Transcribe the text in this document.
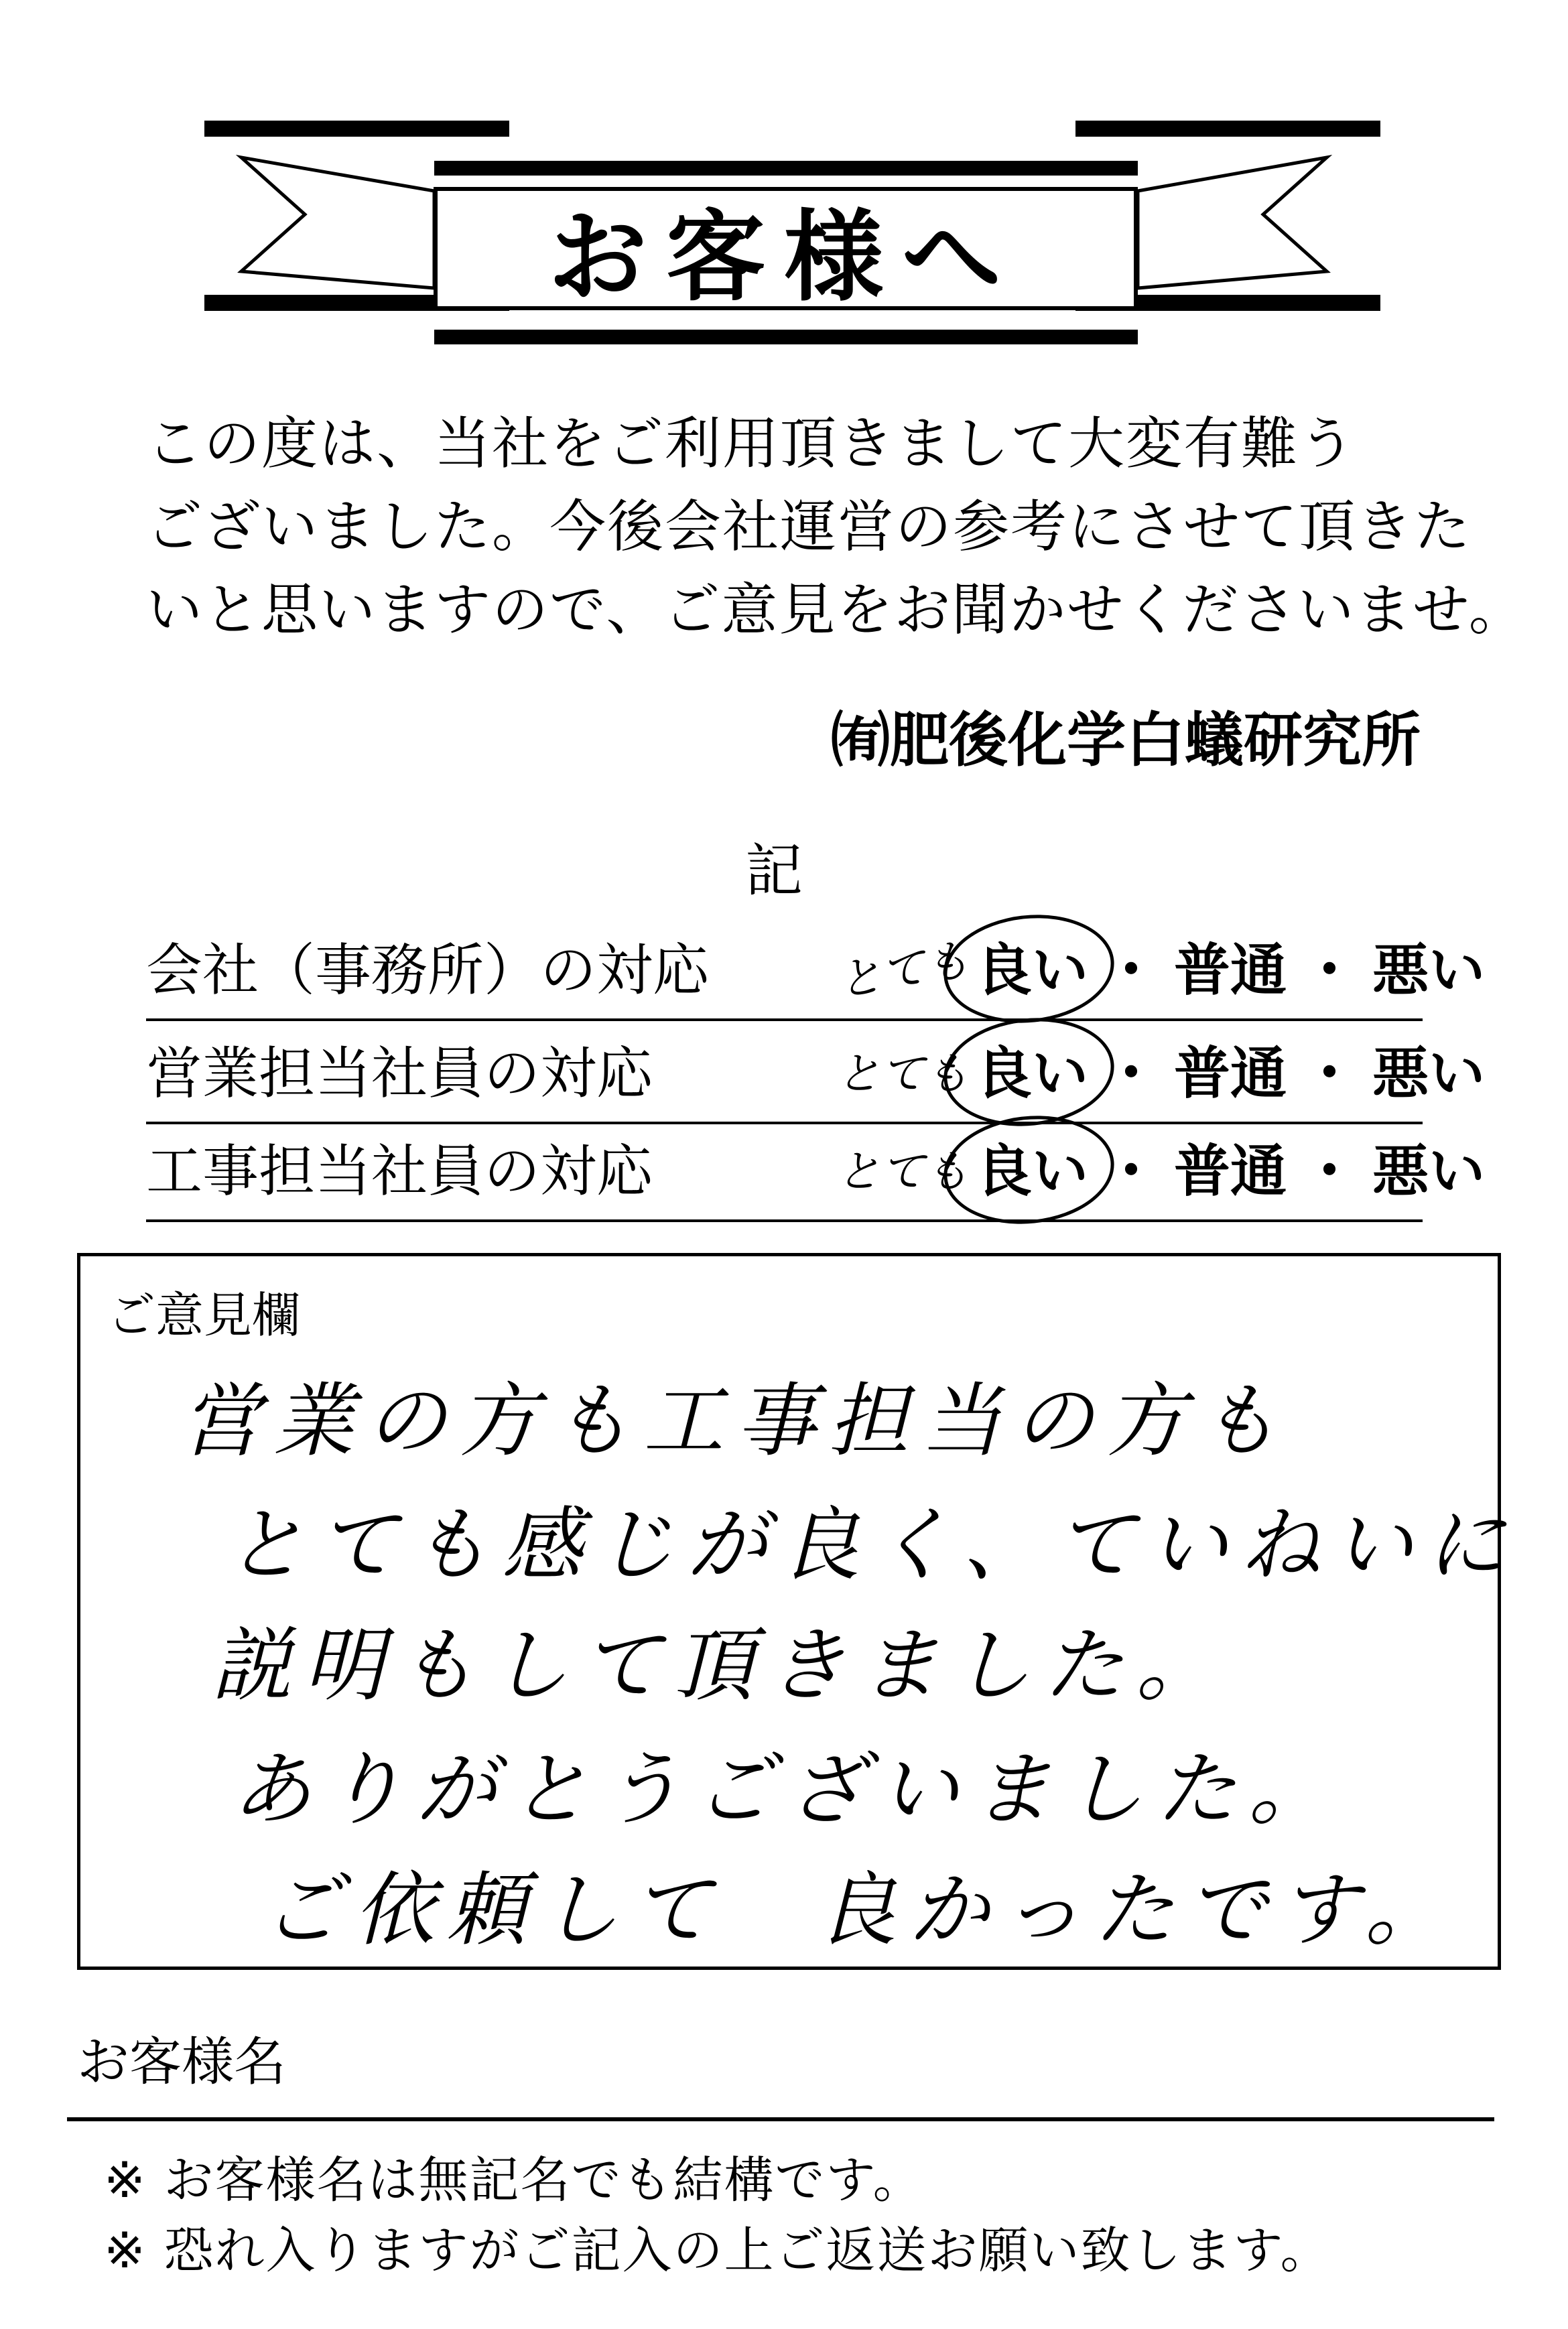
お客様へ
この度は、当社をご利用頂きまして大変有難う
ございました。今後会社運営の参考にさせて頂きた
いと思いますので、ご意見をお聞かせくださいませ。
㈲肥後化学白蟻研究所
記
会社（事務所）の対応	とても 良い ・ 普通 ・ 悪い
営業担当社員の対応	とても 良い ・ 普通 ・ 悪い
工事担当社員の対応	とても 良い ・ 普通 ・ 悪い
ご意見欄
営業の方も工事担当の方も
とても感じが良く、ていねいに
説明もして頂きました。
ありがとうございました。
ご依頼して　良かったです。
お客様名
※ お客様名は無記名でも結構です。
※ 恐れ入りますがご記入の上ご返送お願い致します。
